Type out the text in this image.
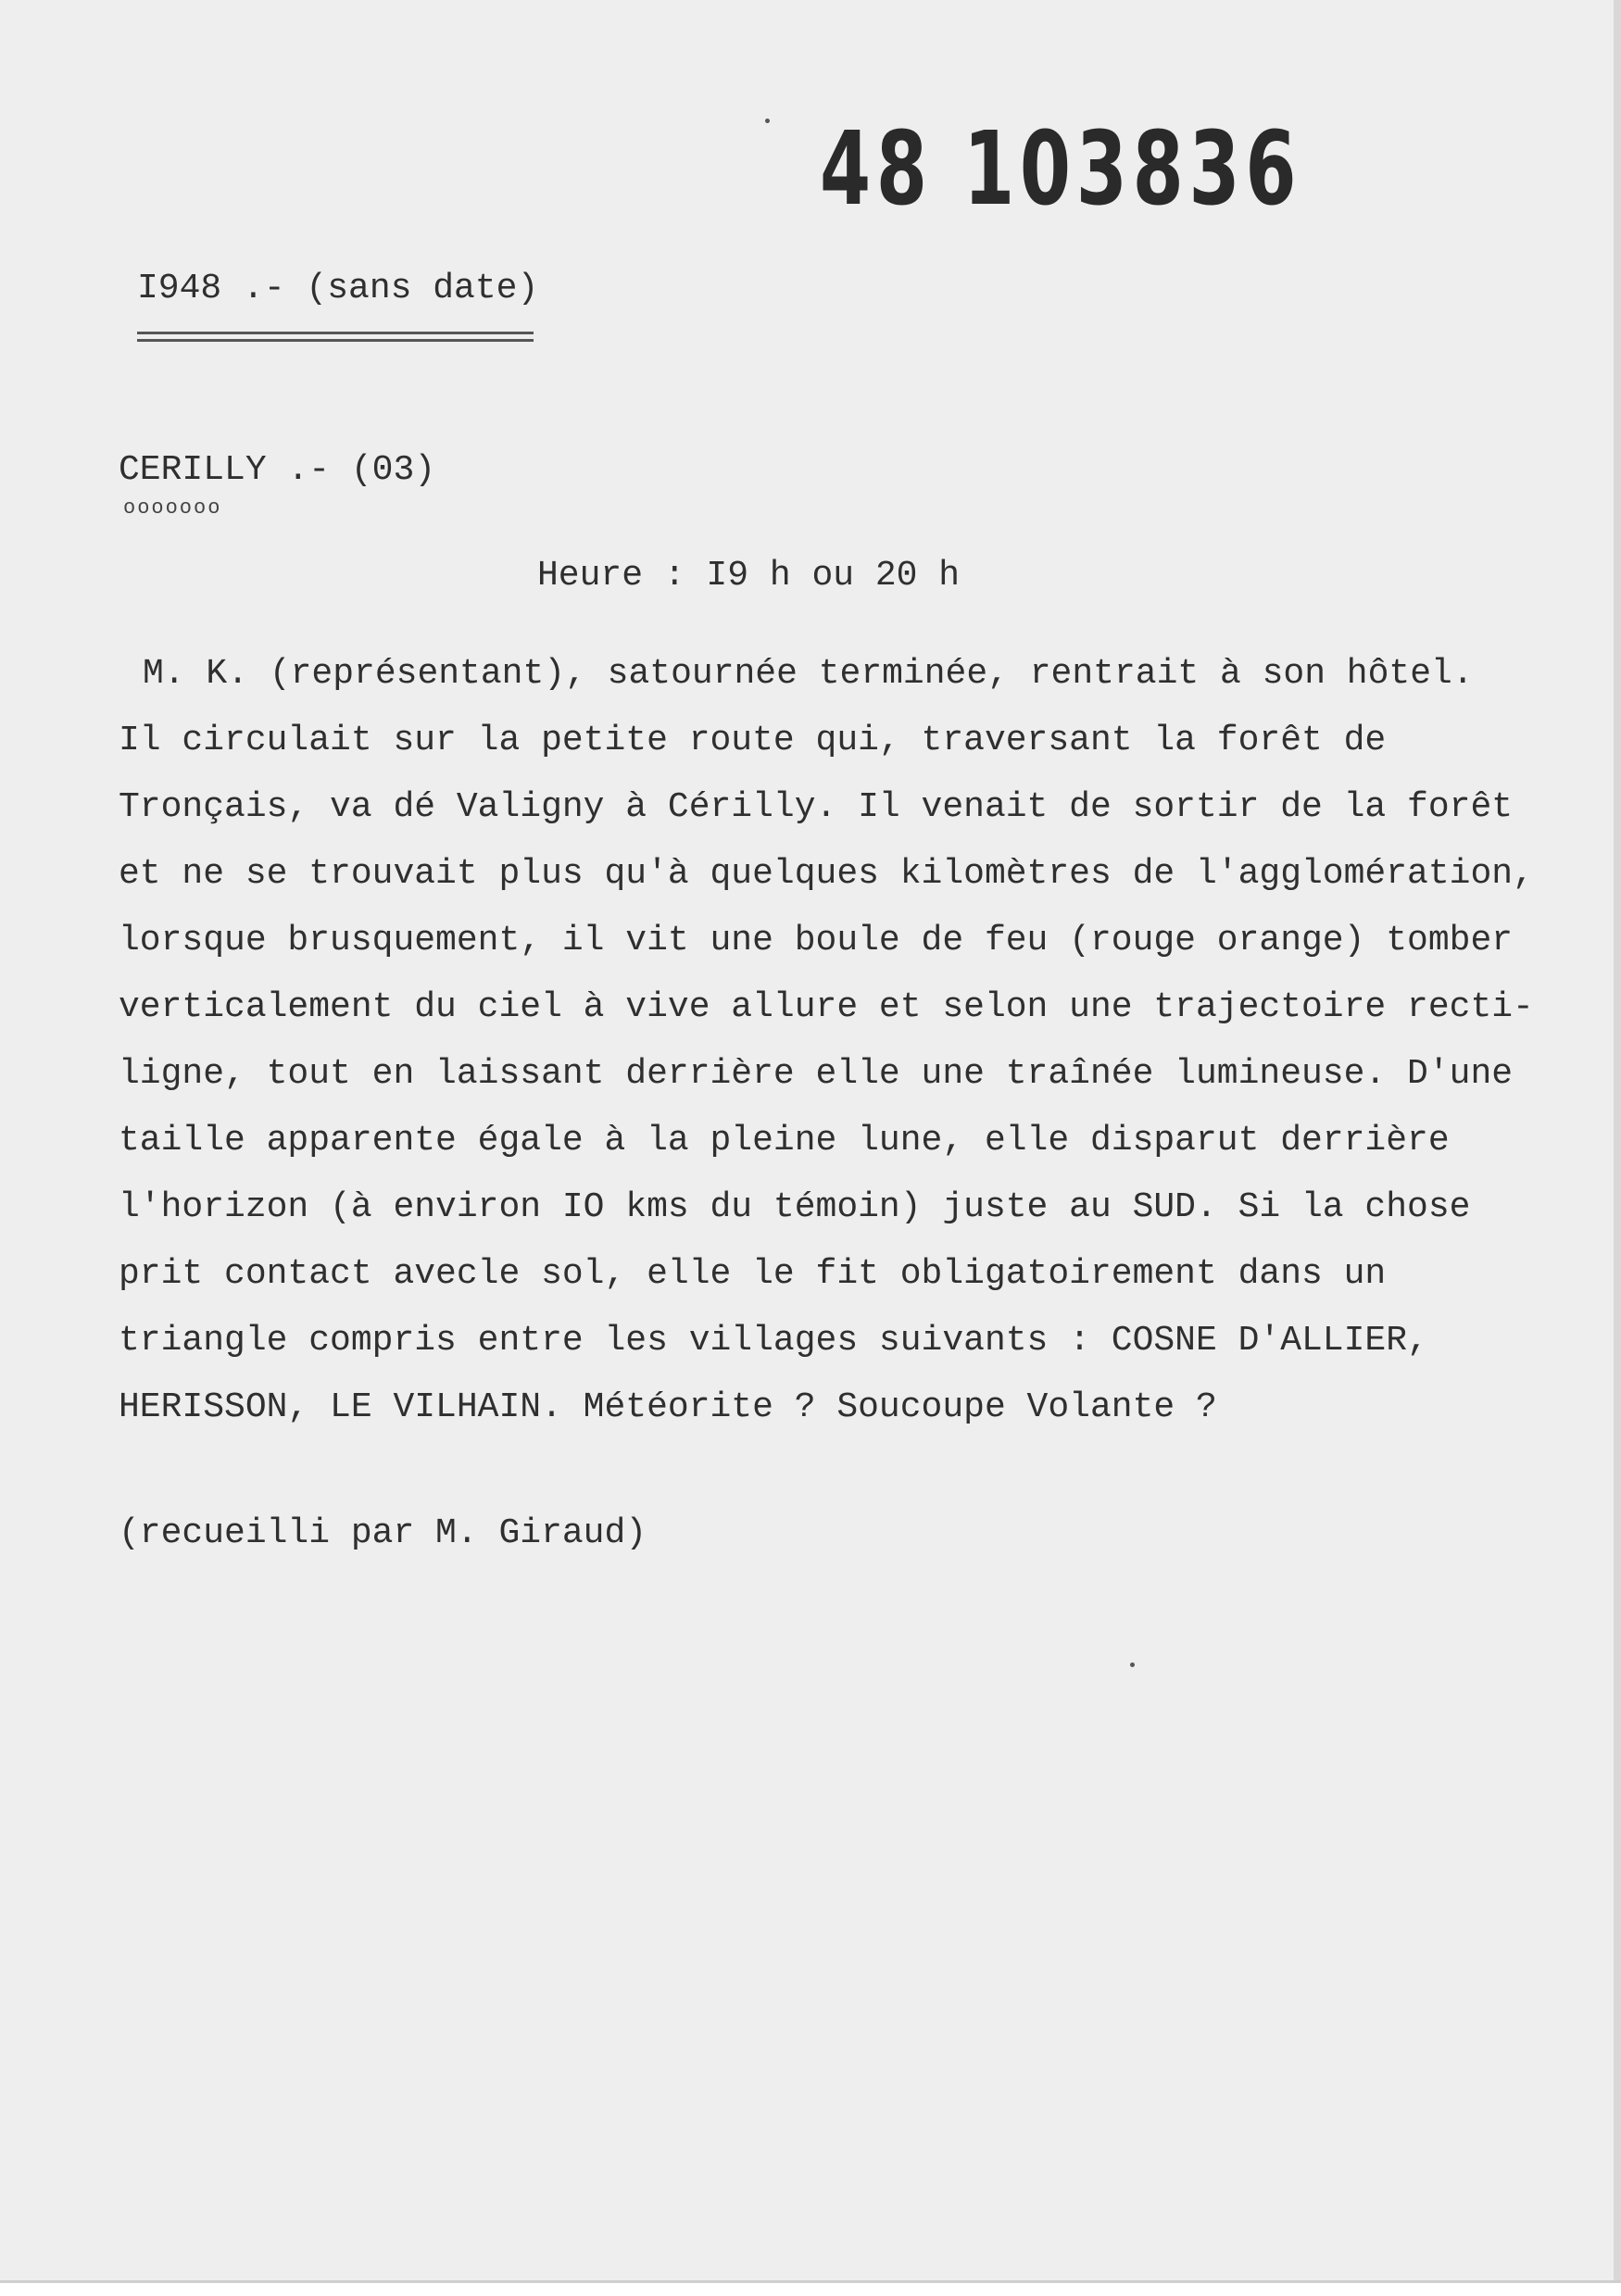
48 103836

I948 .- (sans date)

CERILLY .- (03)

ooooooo

Heure : I9 h ou 20 h

M. K. (représentant), satournée terminée, rentrait à son hôtel.
Il circulait sur la petite route qui, traversant la forêt de
Tronçais, va dé Valigny à Cérilly. Il venait de sortir de la forêt
et ne se trouvait plus qu'à quelques kilomètres de l'agglomération,
lorsque brusquement, il vit une boule de feu (rouge orange) tomber
verticalement du ciel à vive allure et selon une trajectoire recti-
ligne, tout en laissant derrière elle une traînée lumineuse. D'une
taille apparente égale à la pleine lune, elle disparut derrière
l'horizon (à environ IO kms du témoin) juste au SUD. Si la chose
prit contact avecle sol, elle le fit obligatoirement dans un
triangle compris entre les villages suivants : COSNE D'ALLIER,
HERISSON, LE VILHAIN. Météorite ? Soucoupe Volante ?

(recueilli par M. Giraud)
